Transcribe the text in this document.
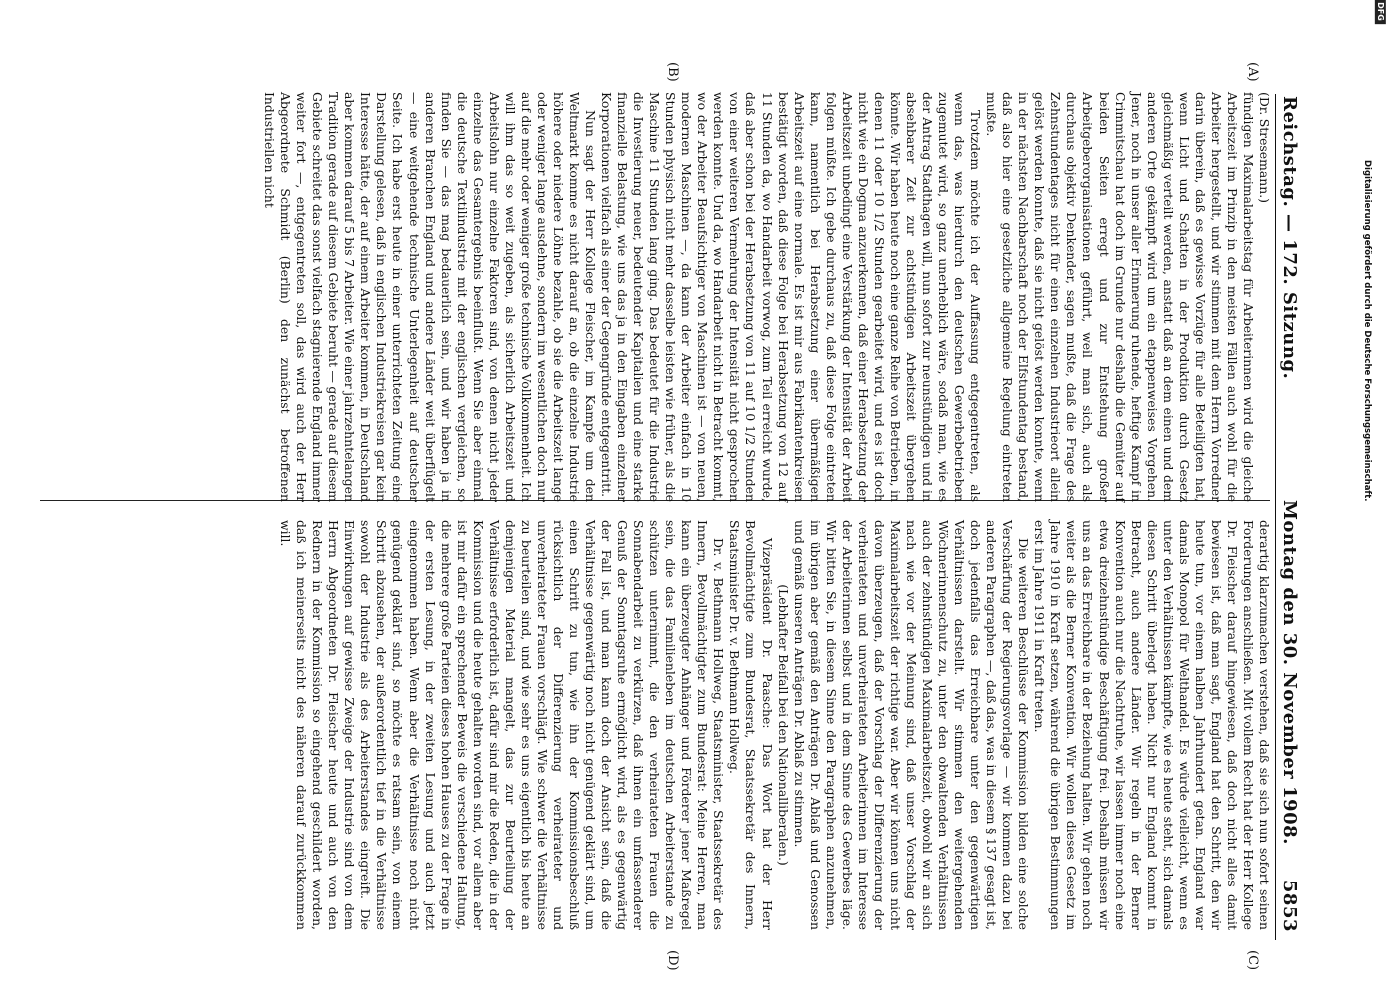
Reichstag. — 172. Sitzung.
Montag den 30. November 1908.
5853
(A)
(B)
(C)
(D)

(Dr. Stresemann.)

fündigen Maximalarbeitstag für Arbeiterinnen wird die gleiche Arbeitszeit im Prinzip in den meisten Fällen auch wohl für die Arbeiter hergestellt, und wir stimmen mit dem Herrn Vorredner darin überein, daß es gewisse Vorzüge für alle Beteiligten hat, wenn Licht und Schatten in der Produktion durch Gesetz gleichmäßig verteilt werden, anstatt daß an dem einen und dem anderen Orte gekämpft wird um ein etappenweises Vorgehen. Jener, noch in unser aller Erinnerung ruhende, heftige Kampf in Crimmitschau hat doch im Grunde nur deshalb die Gemüter auf beiden Seiten erregt und zur Entstehung großer Arbeitgeberorganisationen geführt, weil man sich, auch als durchaus objektiv Denkender, sagen mußte, daß die Frage des Zehnstundentages nicht für einen einzelnen Industrieort allein gelöst werden konnte, daß sie nicht gelöst werden konnte, wenn in der nächsten Nachbarschaft noch der Elfstundentag bestand, daß also hier eine gesetzliche allgemeine Regelung eintreten mußte.

Trotzdem möchte ich der Auffassung entgegentreten, als wenn das, was hierdurch den deutschen Gewerbebetrieben zugemutet wird, so ganz unerheblich wäre, sodaß man, wie es der Antrag Stadthagen will, nun sofort zur neunstündigen und in absehbarer Zeit zur achtstündigen Arbeitszeit übergehen könnte. Wir haben heute noch eine ganze Reihe von Betrieben, in denen 11 oder 10 1/2 Stunden gearbeitet wird, und es ist doch nicht wie ein Dogma anzuerkennen, daß einer Herabsetzung der Arbeitszeit unbedingt eine Verstärkung der Intensität der Arbeit folgen müßte. Ich gebe durchaus zu, daß diese Folge eintreten kann, namentlich bei Herabsetzung einer übermäßigen Arbeitszeit auf eine normale. Es ist mir aus Fabrikantenkreisen bestätigt worden, daß diese Folge bei Herabsetzung von 12 auf 11 Stunden da, wo Handarbeit vorwog, zum Teil erreicht wurde, daß aber schon bei der Herabsetzung von 11 auf 10 1/2 Stunden von einer weiteren Vermehrung der Intensität nicht gesprochen werden konnte. Und da, wo Handarbeit nicht in Betracht kommt, wo der Arbeiter Beaufsichtiger von Maschinen ist — von neuen, modernen Maschinen —, da kann der Arbeiter einfach in 10 Stunden physisch nicht mehr dasselbe leisten wie früher, als die Maschine 11 Stunden lang ging. Das bedeutet für die Industrie die Investierung neuer, bedeutender Kapitalien und eine starke finanzielle Belastung, wie uns das ja in den Eingaben einzelner Korporationen vielfach als einer der Gegengründe entgegentritt.

Nun sagt der Herr Kollege Fleischer, im Kampfe um den Weltmarkt komme es nicht darauf an, ob die einzelne Industrie höhere oder niedere Löhne bezahle, ob sie die Arbeitszeit lange oder weniger lange ausdehne, sondern im wesentlichen doch nur auf die mehr oder weniger große technische Vollkommenheit. Ich will ihm das so weit zugeben, als sicherlich Arbeitszeit und Arbeitslohn nur einzelne Faktoren sind, von denen nicht jeder einzelne das Gesamtergebnis beeinflußt. Wenn Sie aber einmal die deutsche Textilindustrie mit der englischen vergleichen, so finden Sie — das mag bedauerlich sein, und wir haben ja in anderen Branchen England und andere Länder weit überflügelt — eine weitgehende technische Unterlegenheit auf deutscher Seite. Ich habe erst heute in einer unterrichteten Zeitung eine Darstellung gelesen, daß in englischen Industriekreisen gar kein Interesse hätte, der auf einem Arbeiter kommen, in Deutschland aber kommen darauf 5 bis 7 Arbeiter. Wie einer jahrzehntelangen Tradition gerade auf diesem Gebiete beruht — gerade auf diesem Gebiete schreitet das sonst vielfach stagnierende England immer weiter fort —, entgegentreten soll, das wird auch der Herr Abgeordnete Schmidt (Berlin) den zunächst betroffenen Industriellen nicht

derartig klarzumachen verstehen, daß sie sich nun sofort seinen Forderungen anschließen. Mit vollem Recht hat der Herr Kollege Dr. Fleischer darauf hingewiesen, daß doch nicht alles damit bewiesen ist, daß man sagt, England hat den Schritt, den wir heute tun, vor einem halben Jahrhundert getan. England war damals Monopol für Welthandel. Es würde vielleicht, wenn es unter den Verhältnissen kämpfte, wie es heute steht, sich damals diesen Schritt überlegt haben. Nicht nur England kommt in Betracht, auch andere Länder. Wir regeln in der Berner Konvention auch nur die Nachtruhe, wir lassen immer noch eine etwa dreizehnstündige Beschäftigung frei. Deshalb müssen wir uns an das Erreichbare in der Beziehung halten. Wir gehen noch weiter als die Berner Konvention. Wir wollen dieses Gesetz im Jahre 1910 in Kraft setzen, während die übrigen Bestimmungen erst im Jahre 1911 in Kraft treten.

Die weiteren Beschlüsse der Kommission bilden eine solche Verschärfung der Regierungsvorlage — wir kommen dazu bei anderen Paragraphen —, daß das, was in diesem § 137 gesagt ist, doch jedenfalls das Erreichbare unter den gegenwärtigen Verhältnissen darstellt. Wir stimmen den weitergehenden Wöchnerinnenschutz zu, unter den obwaltenden Verhältnissen auch der zehnstündigen Maximalarbeitszeit, obwohl wir an sich nach wie vor der Meinung sind, daß unser Vorschlag der Maximalarbeitszeit der richtige war. Aber wir können uns nicht davon überzeugen, daß der Vorschlag der Differenzierung der verheirateten und unverheirateten Arbeiterinnen im Interesse der Arbeiterinnen selbst und in dem Sinne des Gewerbes läge. Wir bitten Sie, in diesem Sinne den Paragraphen anzunehmen, im übrigen aber gemäß den Anträgen Dr. Ablaß und Genossen und gemäß unseren Anträgen Dr. Ablaß zu stimmen.

(Lebhafter Beifall bei den Nationalliberalen.)

Vizepräsident Dr. Paasche: Das Wort hat der Herr Bevollmächtigte zum Bundesrat, Staatssekretär des Innern, Staatsminister Dr. v. Bethmann Hollweg.

Dr. v. Bethmann Hollweg, Staatsminister, Staatssekretär des Innern, Bevollmächtigter zum Bundesrat: Meine Herren, man kann ein überzeugter Anhänger und Förderer jener Maßregel sein, die das Familienleben im deutschen Arbeiterstande zu schützen unternimmt, die den verheirateten Frauen die Sonnabendarbeit zu verkürzen, daß ihnen ein umfassenderer Genuß der Sonntagsruhe ermöglicht wird, als es gegenwärtig der Fall ist, und man kann doch der Ansicht sein, daß die Verhältnisse gegenwärtig noch nicht genügend geklärt sind, um einen Schritt zu tun, wie ihn der Kommissionsbeschluß rücksichtlich der Differenzierung verheirateter und unverheirateter Frauen vorschlägt. Wie schwer die Verhältnisse zu beurteilen sind, und wie sehr es uns eigentlich bis heute an demjenigen Material mangelt, das zur Beurteilung der Verhältnisse erforderlich ist, dafür sind mir die Reden, die in der Kommission und die heute gehalten worden sind, vor allem aber ist mir dafür ein sprechender Beweis die verschiedene Haltung, die mehrere große Parteien dieses hohen Hauses zu der Frage in der ersten Lesung, in der zweiten Lesung und auch jetzt eingenommen haben. Wenn aber die Verhältnisse noch nicht genügend geklärt sind, so möchte es ratsam sein, von einem Schritt abzusehen, der außerordentlich tief in die Verhältnisse sowohl der Industrie als des Arbeiterstandes eingreift. Die Einwirkungen auf gewisse Zweige der Industrie sind von dem Herrn Abgeordneten Dr. Fleischer heute und auch von den Rednern in der Kommission so eingehend geschildert worden, daß ich meinerseits nicht des näheren darauf zurückkommen will.

Digitalisierung gefördert durch die Deutsche Forschungsgemeinschaft.
DFG
